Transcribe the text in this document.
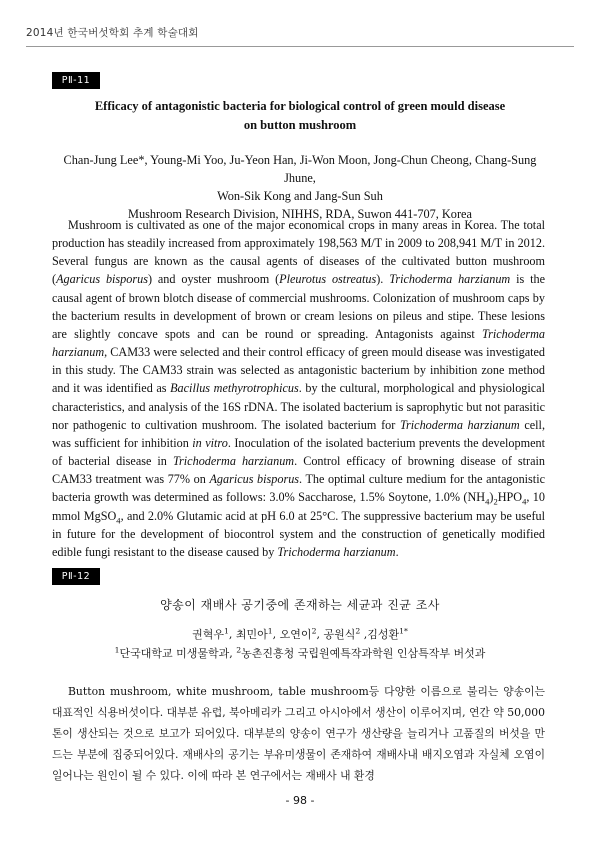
2014년 한국버섯학회 추계 학술대회
PⅡ-11
Efficacy of antagonistic bacteria for biological control of green mould disease
on button mushroom
Chan-Jung Lee*, Young-Mi Yoo, Ju-Yeon Han, Ji-Won Moon, Jong-Chun Cheong, Chang-Sung Jhune,
Won-Sik Kong and Jang-Sun Suh
Mushroom Research Division, NIHHS, RDA, Suwon 441-707, Korea

Mushroom is cultivated as one of the major economical crops in many areas in Korea. The total production has steadily increased from approximately 198,563 M/T in 2009 to 208,941 M/T in 2012. Several fungus are known as the causal agents of diseases of the cultivated button mushroom (Agaricus bisporus) and oyster mushroom (Pleurotus ostreatus). Trichoderma harzianum is the causal agent of brown blotch disease of commercial mushrooms. Colonization of mushroom caps by the bacterium results in development of brown or cream lesions on pileus and stipe. These lesions are slightly concave spots and can be round or spreading. Antagonists against Trichoderma harzianum, CAM33 were selected and their control efficacy of green mould disease was investigated in this study. The CAM33 strain was selected as antagonistic bacterium by inhibition zone method and it was identified as Bacillus methyrotrophicus. by the cultural, morphological and physiological characteristics, and analysis of the 16S rDNA. The isolated bacterium is saprophytic but not parasitic nor pathogenic to cultivation mushroom. The isolated bacterium for Trichoderma harzianum cell, was sufficient for inhibition in vitro. Inoculation of the isolated bacterium prevents the development of bacterial disease in Trichoderma harzianum. Control efficacy of browning disease of strain CAM33 treatment was 77% on Agaricus bisporus. The optimal culture medium for the antagonistic bacteria growth was determined as follows: 3.0% Saccharose, 1.5% Soytone, 1.0% $(NH_4)_2HPO_4$, 10 mmol MgSO$_4$, and 2.0% Glutamic acid at pH 6.0 at 25°C. The suppressive bacterium may be useful in future for the development of biocontrol system and the construction of genetically modified edible fungi resistant to the disease caused by Trichoderma harzianum.

PⅡ-12
양송이 재배사 공기중에 존재하는 세균과 진균 조사
권혁우$^1$, 최민아$^1$, 오연이$^2$, 공원식$^2$ ,김성환$^{1*}$
$^1$단국대학교 미생물학과, $^2$농촌진흥청 국립원예특작과학원 인삼특작부 버섯과

Button mushroom, white mushroom, table mushroom등 다양한 이름으로 불리는 양송이는 대표적인 식용버섯이다. 대부분 유럽, 북아메리카 그리고 아시아에서 생산이 이루어지며, 연간 약 50,000톤이 생산되는 것으로 보고가 되어있다. 대부분의 양송이 연구가 생산량을 늘리거나 고품질의 버섯을 만드는 부분에 집중되어있다. 재배사의 공기는 부유미생물이 존재하여 재배사내 배지오염과 자실체 오염이 일어나는 원인이 될 수 있다. 이에 따라 본 연구에서는 재배사 내 환경

- 98 -
